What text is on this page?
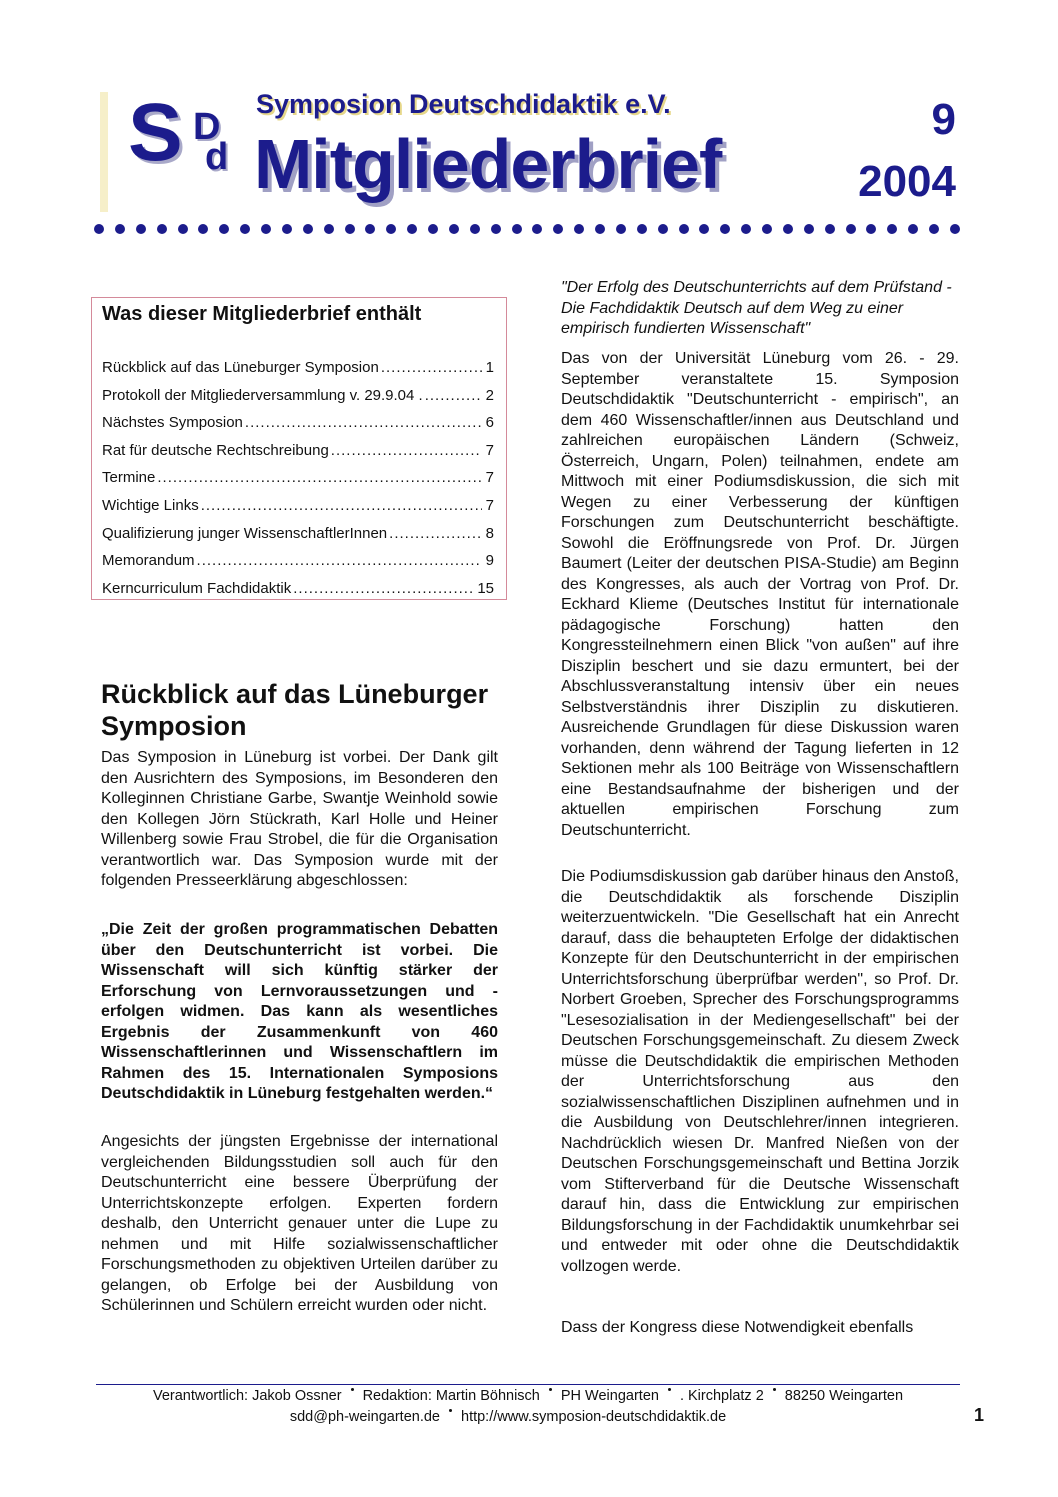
S D
d
Symposion Deutschdidaktik e.V.
Mitgliederbrief
9
2004
Was dieser Mitgliederbrief enthält
Rückblick auf das Lüneburger Symposion .....	1
Protokoll der Mitgliederversammlung v. 29.9.04 . .....	2
Nächstes Symposion .....	6
Rat für deutsche Rechtschreibung .....	7
Termine .....	7
Wichtige Links .....	7
Qualifizierung junger WissenschaftlerInnen .....	8
Memorandum .....	9
Kerncurriculum Fachdidaktik .....	15
Rückblick auf das Lüneburger Symposion
Das Symposion in Lüneburg ist vorbei. Der Dank gilt den Ausrichtern des Symposions, im Besonderen den Kolleginnen Christiane Garbe, Swantje Weinhold sowie den Kollegen Jörn Stückrath, Karl Holle und Heiner Willenberg sowie Frau Strobel, die für die Organisation verantwortlich war. Das Symposion wurde mit der folgenden Presseerklärung abgeschlossen:
„Die Zeit der großen programmatischen Debatten über den Deutschunterricht ist vorbei. Die Wissenschaft will sich künftig stärker der Erforschung von Lernvoraussetzungen und -erfolgen widmen. Das kann als wesentliches Ergebnis der Zusammenkunft von 460 Wissenschaftlerinnen und Wissenschaftlern im Rahmen des 15. Internationalen Symposions Deutschdidaktik in Lüneburg festgehalten werden.“
Angesichts der jüngsten Ergebnisse der international vergleichenden Bildungsstudien soll auch für den Deutschunterricht eine bessere Überprüfung der Unterrichtskonzepte erfolgen. Experten fordern deshalb, den Unterricht genauer unter die Lupe zu nehmen und mit Hilfe sozialwissenschaftlicher Forschungsmethoden zu objektiven Urteilen darüber zu gelangen, ob Erfolge bei der Ausbildung von Schülerinnen und Schülern erreicht wurden oder nicht.
"Der Erfolg des Deutschunterrichts auf dem Prüfstand - Die Fachdidaktik Deutsch auf dem Weg zu einer empirisch fundierten Wissenschaft"
Das von der Universität Lüneburg vom 26. - 29. September veranstaltete 15. Symposion Deutschdidaktik "Deutschunterricht - empirisch", an dem 460 Wissenschaftler/innen aus Deutschland und zahlreichen europäischen Ländern (Schweiz, Österreich, Ungarn, Polen) teilnahmen, endete am Mittwoch mit einer Podiumsdiskussion, die sich mit Wegen zu einer Verbesserung der künftigen Forschungen zum Deutschunterricht beschäftigte. Sowohl die Eröffnungsrede von Prof. Dr. Jürgen Baumert (Leiter der deutschen PISA-Studie) am Beginn des Kongresses, als auch der Vortrag von Prof. Dr. Eckhard Klieme (Deutsches Institut für internationale pädagogische Forschung) hatten den Kongressteilnehmern einen Blick "von außen" auf ihre Disziplin beschert und sie dazu ermuntert, bei der Abschlussveranstaltung intensiv über ein neues Selbstverständnis ihrer Disziplin zu diskutieren. Ausreichende Grundlagen für diese Diskussion waren vorhanden, denn während der Tagung lieferten in 12 Sektionen mehr als 100 Beiträge von Wissenschaftlern eine Bestandsaufnahme der bisherigen und der aktuellen empirischen Forschung zum Deutschunterricht.
Die Podiumsdiskussion gab darüber hinaus den Anstoß, die Deutschdidaktik als forschende Disziplin weiterzuentwickeln. "Die Gesellschaft hat ein Anrecht darauf, dass die behaupteten Erfolge der didaktischen Konzepte für den Deutschunterricht in der empirischen Unterrichtsforschung überprüfbar werden", so Prof. Dr. Norbert Groeben, Sprecher des Forschungsprogramms "Lesesozialisation in der Mediengesellschaft" bei der Deutschen Forschungsgemeinschaft. Zu diesem Zweck müsse die Deutschdidaktik die empirischen Methoden der Unterrichtsforschung aus den sozialwissenschaftlichen Disziplinen aufnehmen und in die Ausbildung von Deutschlehrer/innen integrieren. Nachdrücklich wiesen Dr. Manfred Nießen von der Deutschen Forschungsgemeinschaft und Bettina Jorzik vom Stifterverband für die Deutsche Wissenschaft darauf hin, dass die Entwicklung zur empirischen Bildungsforschung in der Fachdidaktik unumkehrbar sei und entweder mit oder ohne die Deutschdidaktik vollzogen werde.
Dass der Kongress diese Notwendigkeit ebenfalls
Verantwortlich: Jakob Ossner Redaktion: Martin Böhnisch PH Weingarten . Kirchplatz 2 88250 Weingarten
sdd@ph-weingarten.de http://www.symposion-deutschdidaktik.de	1
